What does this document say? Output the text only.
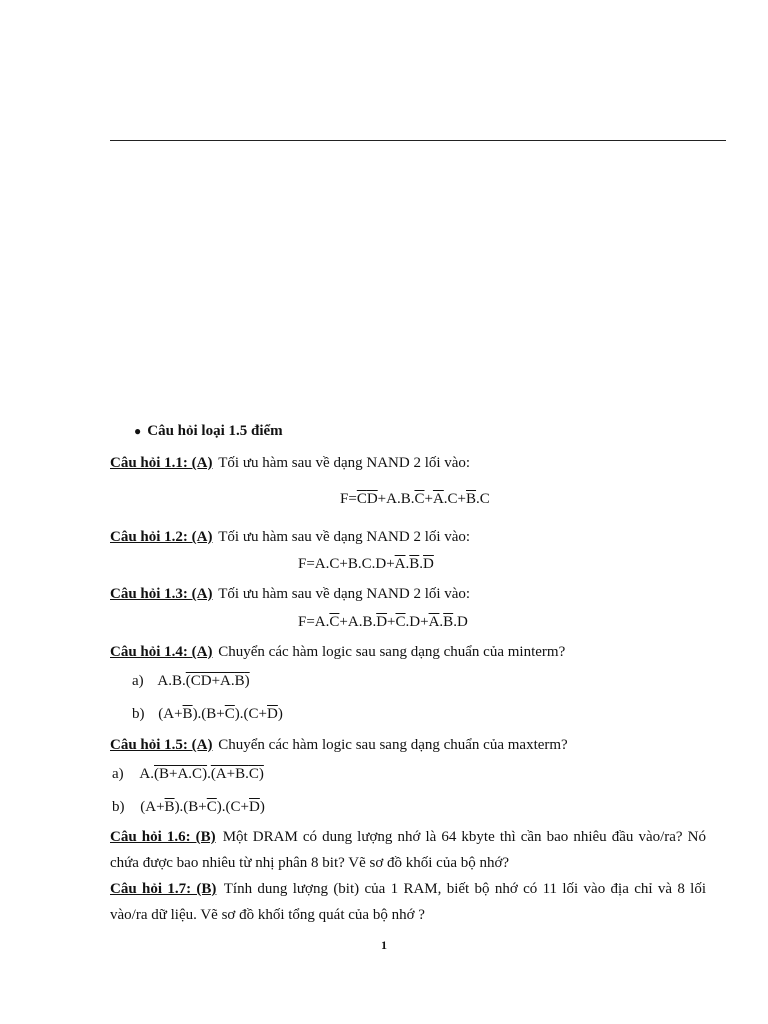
● Câu hỏi loại 1.5 điểm
Câu hỏi 1.1: (A) Tối ưu hàm sau về dạng NAND 2 lối vào:
$F=\overline{C}\overline{D}+A.B.\overline{C}+\overline{A}.C+\overline{B}.C$
Câu hỏi 1.2: (A) Tối ưu hàm sau về dạng NAND 2 lối vào:
$F=A.C+B.C.D+\overline{A}.\overline{B}.\overline{D}$
Câu hỏi 1.3: (A) Tối ưu hàm sau về dạng NAND 2 lối vào:
$F=A.\overline{C}+A.B.\overline{D}+\overline{C}.D+\overline{A}.\overline{B}.D$
Câu hỏi 1.4: (A) Chuyển các hàm logic sau sang dạng chuẩn của minterm?
a) A.B.(CD+A.B)
b) $(A+\overline{B}).(B+\overline{C}).(C+\overline{D})$
Câu hỏi 1.5: (A) Chuyển các hàm logic sau sang dạng chuẩn của maxterm?
a) A.(B+A.C).(A+B.C)
b) $(A+\overline{B}).(B+\overline{C}).(C+\overline{D})$
Câu hỏi 1.6: (B) Một DRAM có dung lượng nhớ là 64 kbyte thì cần bao nhiêu đầu vào/ra? Nó chứa được bao nhiêu từ nhị phân 8 bit? Vẽ sơ đồ khối của bộ nhớ?
Câu hỏi 1.7: (B) Tính dung lượng (bit) của 1 RAM, biết bộ nhớ có 11 lối vào địa chỉ và 8 lối vào/ra dữ liệu. Vẽ sơ đồ khối tổng quát của bộ nhớ ?
1
